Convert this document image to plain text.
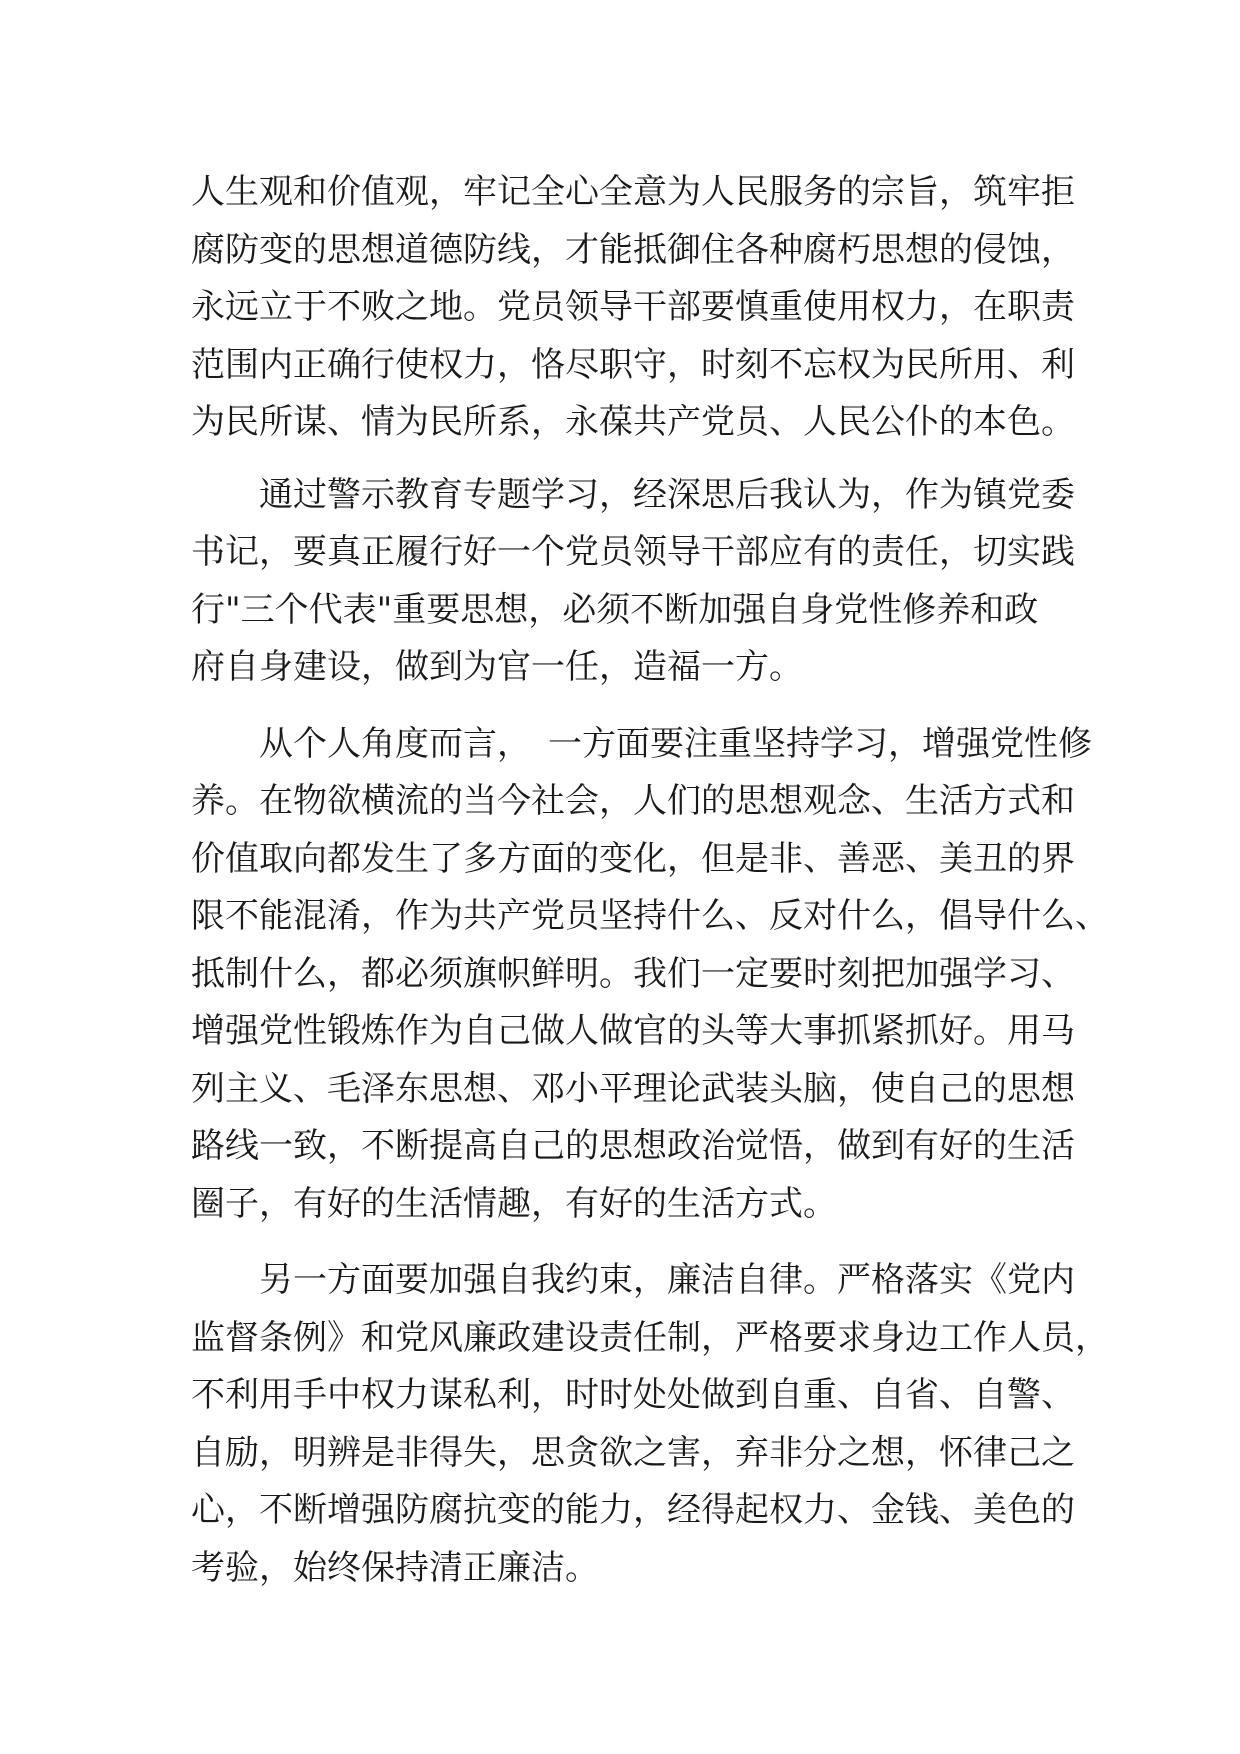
人生观和价值观，牢记全心全意为人民服务的宗旨，筑牢拒
腐防变的思想道德防线，才能抵御住各种腐朽思想的侵蚀，
永远立于不败之地。党员领导干部要慎重使用权力，在职责
范围内正确行使权力，恪尽职守，时刻不忘权为民所用、利
为民所谋、情为民所系，永葆共产党员、人民公仆的本色。
通过警示教育专题学习，经深思后我认为，作为镇党委
书记，要真正履行好一个党员领导干部应有的责任，切实践
行"三个代表"重要思想，必须不断加强自身党性修养和政
府自身建设，做到为官一任，造福一方。
从个人角度而言，　一方面要注重坚持学习，增强党性修
养。在物欲横流的当今社会，人们的思想观念、生活方式和
价值取向都发生了多方面的变化，但是非、善恶、美丑的界
限不能混淆，作为共产党员坚持什么、反对什么，倡导什么、
抵制什么，都必须旗帜鲜明。我们一定要时刻把加强学习、
增强党性锻炼作为自己做人做官的头等大事抓紧抓好。用马
列主义、毛泽东思想、邓小平理论武装头脑，使自己的思想
路线一致，不断提高自己的思想政治觉悟，做到有好的生活
圈子，有好的生活情趣，有好的生活方式。
另一方面要加强自我约束，廉洁自律。严格落实《党内
监督条例》和党风廉政建设责任制，严格要求身边工作人员，
不利用手中权力谋私利，时时处处做到自重、自省、自警、
自励，明辨是非得失，思贪欲之害，弃非分之想，怀律己之
心，不断增强防腐抗变的能力，经得起权力、金钱、美色的
考验，始终保持清正廉洁。
